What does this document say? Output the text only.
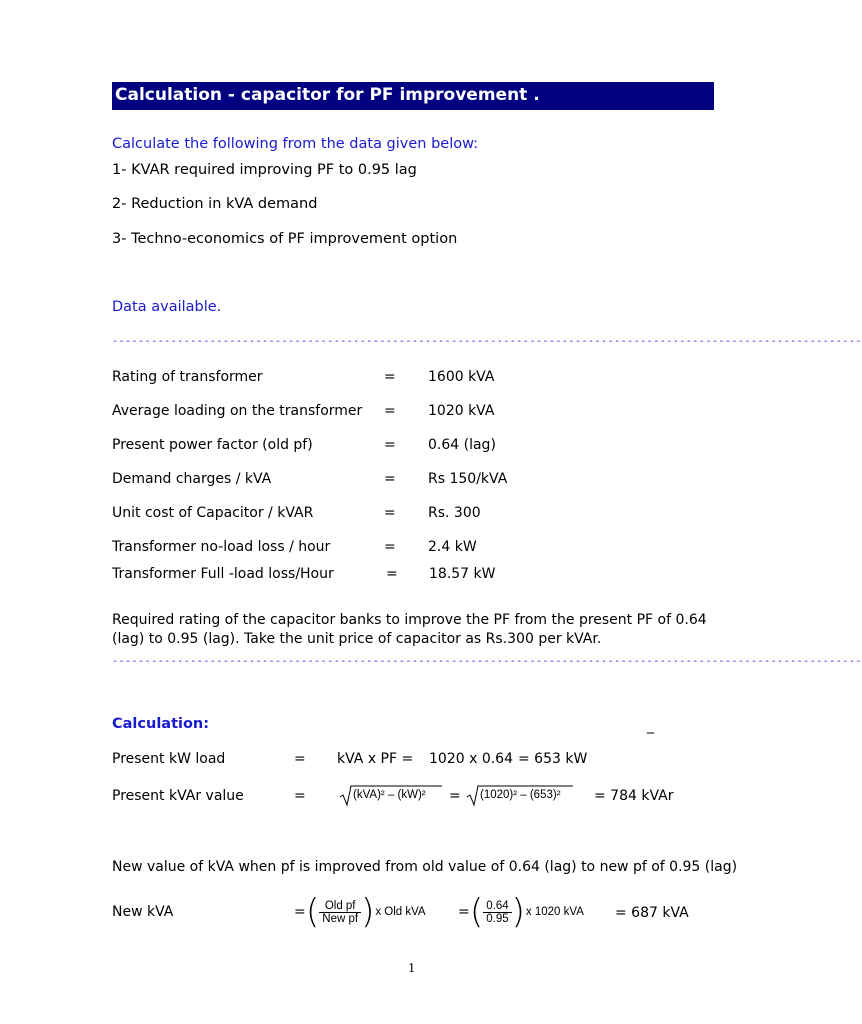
Calculation - capacitor for PF improvement .
Calculate the following from the data given below:
1- KVAR required improving PF to 0.95 lag
2- Reduction in kVA demand
3- Techno-economics of PF improvement option
Data available.
-------------------------------------------------------------------------------------------------------------------
Rating of transformer	= 1600 kVA
Average loading on the transformer = 1020 kVA
Present power factor (old pf)	= 0.64 (lag)
Demand charges / kVA	= Rs 150/kVA
Unit cost of Capacitor / kVAR	= Rs. 300
Transformer no-load loss / hour	= 2.4 kW
Transformer Full -load loss/Hour	= 18.57 kW
Required rating of the capacitor banks to improve the PF from the present PF of 0.64
(lag) to 0.95 (lag). Take the unit price of capacitor as Rs.300 per kVAr.
-------------------------------------------------------------------------------------------------------------------
Calculation:	_
Present kW load	= kVA x PF = 1020 x 0.64 = 653 kW
Present kVAr value	=	(kVA)² – (kW)² = (1020)² – (653)² = 784 kVAr
New value of kVA when pf is improved from old value of 0.64 (lag) to new pf of 0.95 (lag)
New kVA	= ( $\frac{\text{Old pf}}{\text{New pf}}$ ) x Old kVA = ( $\frac{0.64}{0.95}$ ) x 1020 kVA = 687 kVA
1
